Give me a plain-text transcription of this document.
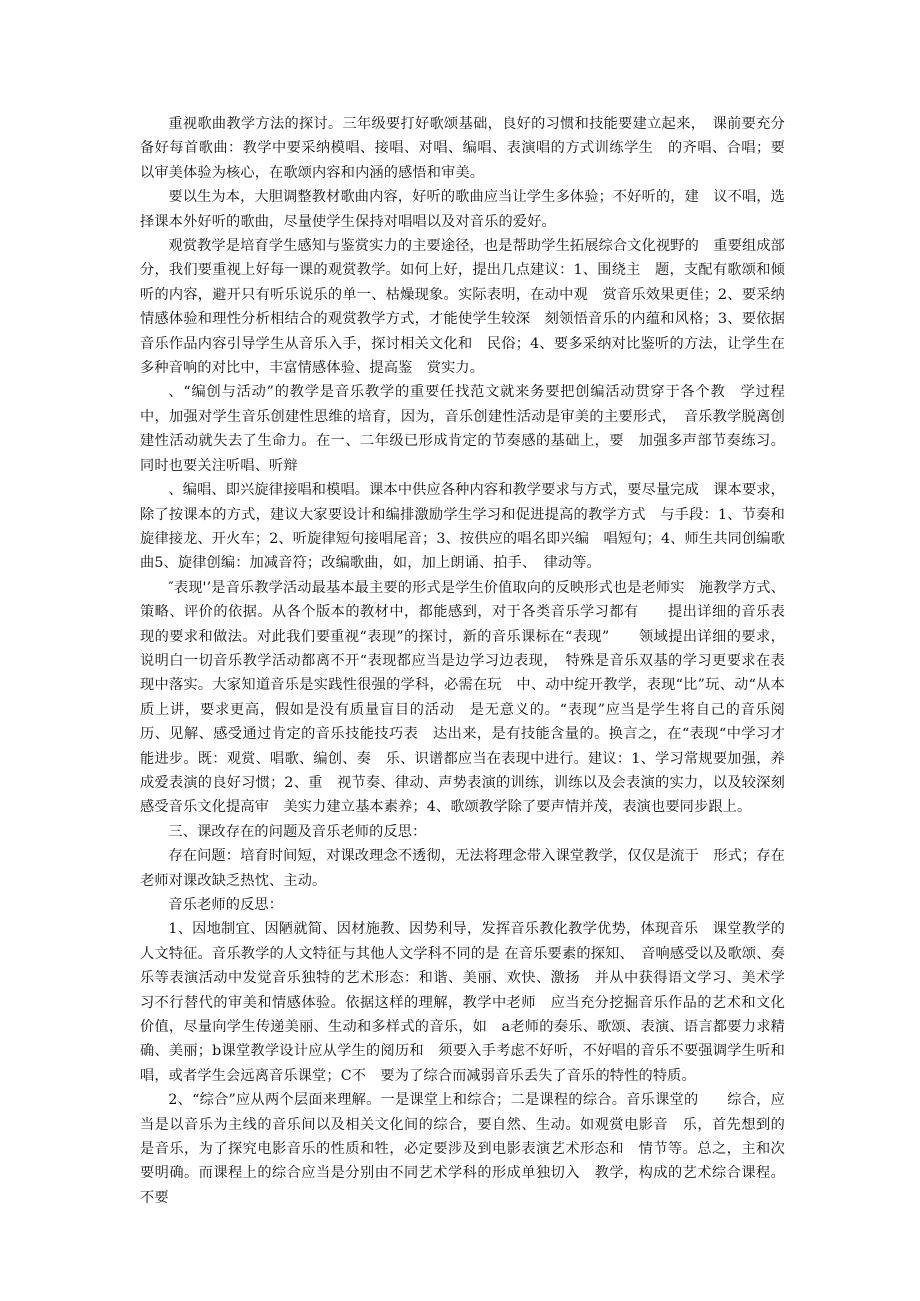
重视歌曲教学方法的探讨。三年级要打好歌颂基础，良好的习惯和技能要建立起来，　课前要充分备好每首歌曲：教学中要采纳模唱、接唱、对唱、编唱、表演唱的方式训练学生　的齐唱、合唱；要以审美体验为核心，在歌颂内容和内涵的感悟和审美。

要以生为本，大胆调整教材歌曲内容，好听的歌曲应当让学生多体验；不好听的，建　议不唱，选择课本外好听的歌曲，尽量使学生保持对唱唱以及对音乐的爱好。

观赏教学是培育学生感知与鉴赏实力的主要途径，也是帮助学生拓展综合文化视野的　重要组成部分，我们要重视上好每一课的观赏教学。如何上好，提出几点建议：1、围绕主　题，支配有歌颂和倾听的内容，避开只有听乐说乐的单一、枯燥现象。实际表明，在动中观　赏音乐效果更佳；2、要采纳情感体验和理性分析相结合的观赏教学方式，才能使学生较深　刻领悟音乐的内蕴和风格；3、要依据音乐作品内容引导学生从音乐入手，探讨相关文化和　民俗；4、要多采纳对比鉴听的方法，让学生在多种音响的对比中，丰富情感体验、提高鉴　赏实力。

、“编创与活动”的教学是音乐教学的重要任找范文就来务要把创编活动贯穿于各个教　学过程中，加强对学生音乐创建性思维的培育，因为，音乐创建性活动是审美的主要形式，　音乐教学脱离创建性活动就失去了生命力。在一、二年级已形成肯定的节奏感的基础上，要　加强多声部节奏练习。同时也要关注听唱、听辩

、编唱、即兴旋律接唱和模唱。课本中供应各种内容和教学要求与方式，要尽量完成　课本要求，除了按课本的方式，建议大家要设计和编排激励学生学习和促进提高的教学方式　与手段：1、节奏和旋律接龙、开火车；2、听旋律短句接唱尾音；3、按供应的唱名即兴编　唱短句；4、师生共同创编歌曲5、旋律创编：加减音符；改编歌曲，如，加上朗诵、拍手、　律动等。

″表现'’是音乐教学活动最基本最主要的形式是学生价值取向的反映形式也是老师实　施教学方式、策略、评价的依据。从各个版本的教材中，都能感到，对于各类音乐学习都有　　提出详细的音乐表现的要求和做法。对此我们要重视“表现”的探讨，新的音乐课标在“表现”　　领域提出详细的要求，说明白一切音乐教学活动都离不开“表现都应当是边学习边表现，　特殊是音乐双基的学习更要求在表现中落实。大家知道音乐是实践性很强的学科，必需在玩　中、动中绽开教学，表现“比”玩、动“从本质上讲，要求更高，假如是没有质量盲目的活动　是无意义的。“表现”应当是学生将自己的音乐阅历、见解、感受通过肯定的音乐技能技巧表　达出来，是有技能含量的。换言之，在“表现“中学习才能进步。既：观赏、唱歌、编创、奏　乐、识谱都应当在表现中进行。建议：1、学习常规要加强，养成爱表演的良好习惯；2、重　视节奏、律动、声势表演的训练，训练以及会表演的实力，以及较深刻感受音乐文化提高审　美实力建立基本素养；4、歌颂教学除了要声情并茂，表演也要同步跟上。

三、课改存在的问题及音乐老师的反思：

存在问题：培育时间短，对课改理念不透彻，无法将理念带入课堂教学，仅仅是流于　形式；存在老师对课改缺乏热忱、主动。

音乐老师的反思：

1、因地制宜、因陋就简、因材施教、因势利导，发挥音乐教化教学优势，体现音乐　课堂教学的人文特征。音乐教学的人文特征与其他人文学科不同的是 在音乐要素的探知、　音响感受以及歌颂、奏乐等表演活动中发觉音乐独特的艺术形态：和谐、美丽、欢快、激扬　并从中获得语文学习、美术学习不行替代的审美和情感体验。依据这样的理解，教学中老师　应当充分挖掘音乐作品的艺术和文化价值，尽量向学生传递美丽、生动和多样式的音乐，如　a老师的奏乐、歌颂、表演、语言都要力求精确、美丽；b课堂教学设计应从学生的阅历和　须要入手考虑不好听，不好唱的音乐不要强调学生听和唱，或者学生会远离音乐课堂；C不　要为了综合而减弱音乐丢失了音乐的特性的特质。

2、“综合”应从两个层面来理解。一是课堂上和综合；二是课程的综合。音乐课堂的　　综合，应当是以音乐为主线的音乐间以及相关文化间的综合，要自然、生动。如观赏电影音　乐，首先想到的是音乐，为了探究电影音乐的性质和牲，必定要涉及到电影表演艺术形态和　情节等。总之，主和次要明确。而课程上的综合应当是分别由不同艺术学科的形成单独切入　教学，构成的艺术综合课程。不要
